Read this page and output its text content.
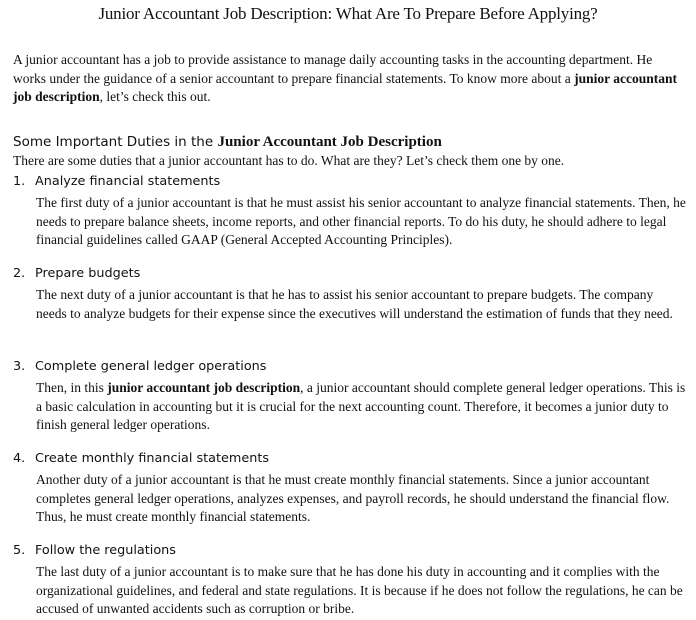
Junior Accountant Job Description: What Are To Prepare Before Applying?

A junior accountant has a job to provide assistance to manage daily accounting tasks in the accounting department. He works under the guidance of a senior accountant to prepare financial statements. To know more about a junior accountant job description, let’s check this out.

Some Important Duties in the Junior Accountant Job Description
There are some duties that a junior accountant has to do. What are they? Let’s check them one by one.
1. Analyze financial statements
The first duty of a junior accountant is that he must assist his senior accountant to analyze financial statements. Then, he needs to prepare balance sheets, income reports, and other financial reports. To do his duty, he should adhere to legal financial guidelines called GAAP (General Accepted Accounting Principles).
2. Prepare budgets
The next duty of a junior accountant is that he has to assist his senior accountant to prepare budgets. The company needs to analyze budgets for their expense since the executives will understand the estimation of funds that they need.
3. Complete general ledger operations
Then, in this junior accountant job description, a junior accountant should complete general ledger operations. This is a basic calculation in accounting but it is crucial for the next accounting count. Therefore, it becomes a junior duty to finish general ledger operations.
4. Create monthly financial statements
Another duty of a junior accountant is that he must create monthly financial statements. Since a junior accountant completes general ledger operations, analyzes expenses, and payroll records, he should understand the financial flow. Thus, he must create monthly financial statements.
5. Follow the regulations
The last duty of a junior accountant is to make sure that he has done his duty in accounting and it complies with the organizational guidelines, and federal and state regulations. It is because if he does not follow the regulations, he can be accused of unwanted accidents such as corruption or bribe.
